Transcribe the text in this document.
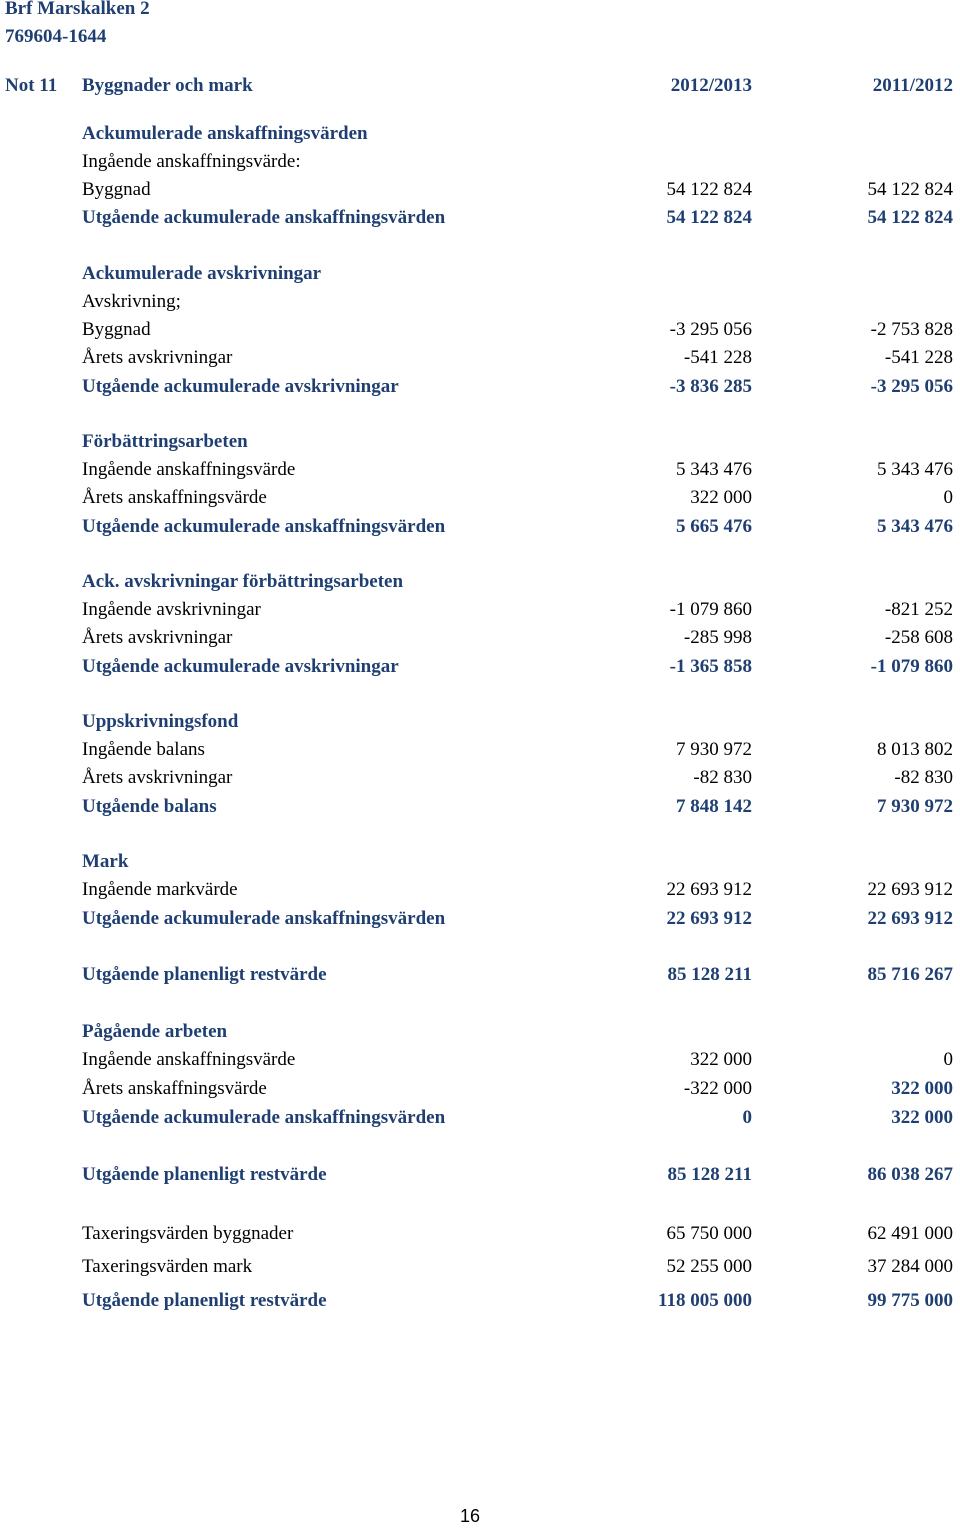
Brf Marskalken 2
769604-1644
Not 11 Byggnader och mark	2012/2013	2011/2012
Ackumulerade anskaffningsvärden
Ingående anskaffningsvärde:
Byggnad	54 122 824	54 122 824
Utgående ackumulerade anskaffningsvärden	54 122 824	54 122 824
Ackumulerade avskrivningar
Avskrivning;
Byggnad	-3 295 056	-2 753 828
Årets avskrivningar	-541 228	-541 228
Utgående ackumulerade avskrivningar	-3 836 285	-3 295 056
Förbättringsarbeten
Ingående anskaffningsvärde	5 343 476	5 343 476
Årets anskaffningsvärde	322 000	0
Utgående ackumulerade anskaffningsvärden	5 665 476	5 343 476
Ack. avskrivningar förbättringsarbeten
Ingående avskrivningar	-1 079 860	-821 252
Årets avskrivningar	-285 998	-258 608
Utgående ackumulerade avskrivningar	-1 365 858	-1 079 860
Uppskrivningsfond
Ingående balans	7 930 972	8 013 802
Årets avskrivningar	-82 830	-82 830
Utgående balans	7 848 142	7 930 972
Mark
Ingående markvärde	22 693 912	22 693 912
Utgående ackumulerade anskaffningsvärden	22 693 912	22 693 912
Utgående planenligt restvärde	85 128 211	85 716 267
Pågående arbeten
Ingående anskaffningsvärde	322 000	0
Årets anskaffningsvärde	-322 000	322 000
Utgående ackumulerade anskaffningsvärden	0	322 000
Utgående planenligt restvärde	85 128 211	86 038 267
Taxeringsvärden byggnader	65 750 000	62 491 000
Taxeringsvärden mark	52 255 000	37 284 000
Utgående planenligt restvärde	118 005 000	99 775 000
16
